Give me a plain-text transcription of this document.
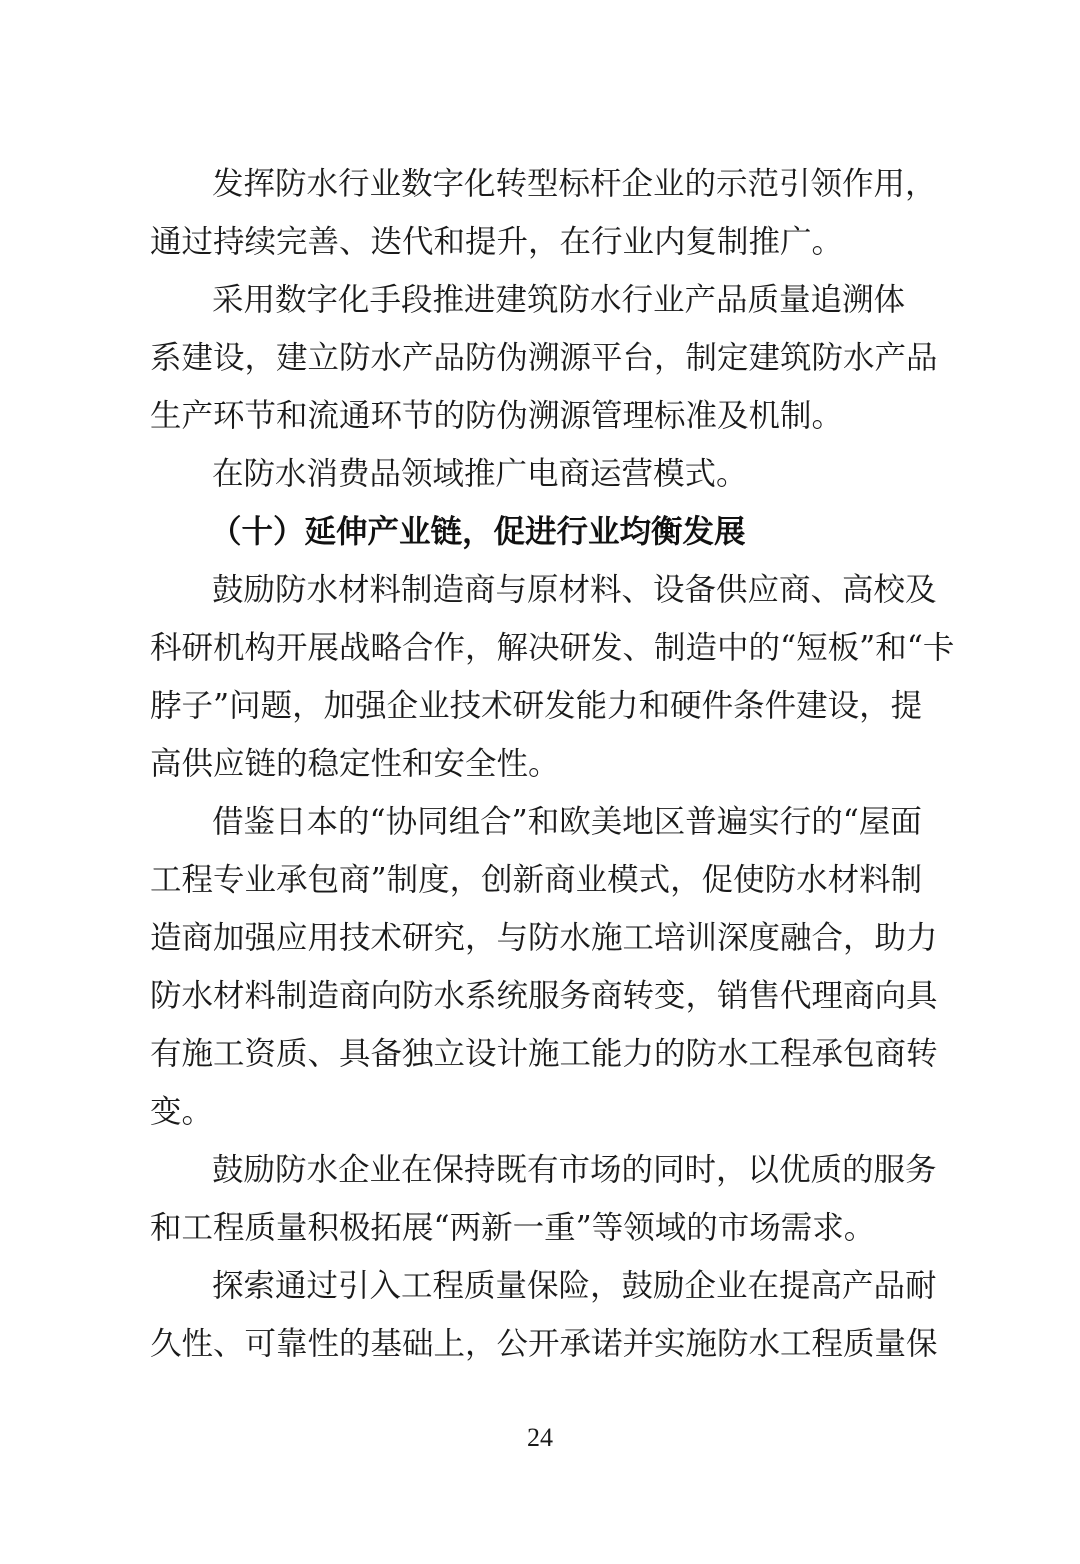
发挥防水行业数字化转型标杆企业的示范引领作用，
通过持续完善、迭代和提升，在行业内复制推广。
采用数字化手段推进建筑防水行业产品质量追溯体
系建设，建立防水产品防伪溯源平台，制定建筑防水产品
生产环节和流通环节的防伪溯源管理标准及机制。
在防水消费品领域推广电商运营模式。
（十）延伸产业链，促进行业均衡发展
鼓励防水材料制造商与原材料、设备供应商、高校及
科研机构开展战略合作，解决研发、制造中的“短板”和“卡
脖子”问题，加强企业技术研发能力和硬件条件建设，提
高供应链的稳定性和安全性。
借鉴日本的“协同组合”和欧美地区普遍实行的“屋面
工程专业承包商”制度，创新商业模式，促使防水材料制
造商加强应用技术研究，与防水施工培训深度融合，助力
防水材料制造商向防水系统服务商转变，销售代理商向具
有施工资质、具备独立设计施工能力的防水工程承包商转
变。
鼓励防水企业在保持既有市场的同时，以优质的服务
和工程质量积极拓展“两新一重”等领域的市场需求。
探索通过引入工程质量保险，鼓励企业在提高产品耐
久性、可靠性的基础上，公开承诺并实施防水工程质量保
24
